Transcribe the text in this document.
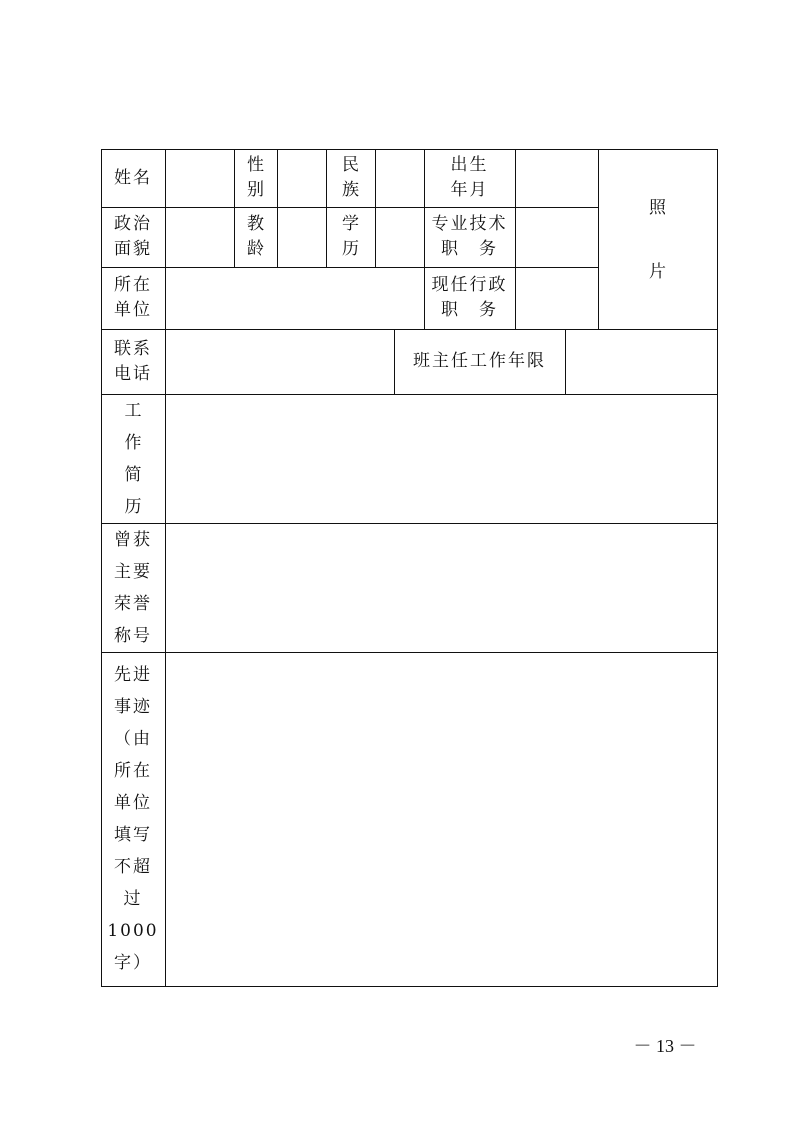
姓名
性
别
民
族
出生
年月
照
片
政治
面貌
教
龄
学
历
专业技术
职　务
所在
单位
现任行政
职　务
联系
电话
班主任工作年限
工
作
简
历
曾获
主要
荣誉
称号
先进
事迹
（由
所在
单位
填写
不超
过
1000
字）
－ 13 －
